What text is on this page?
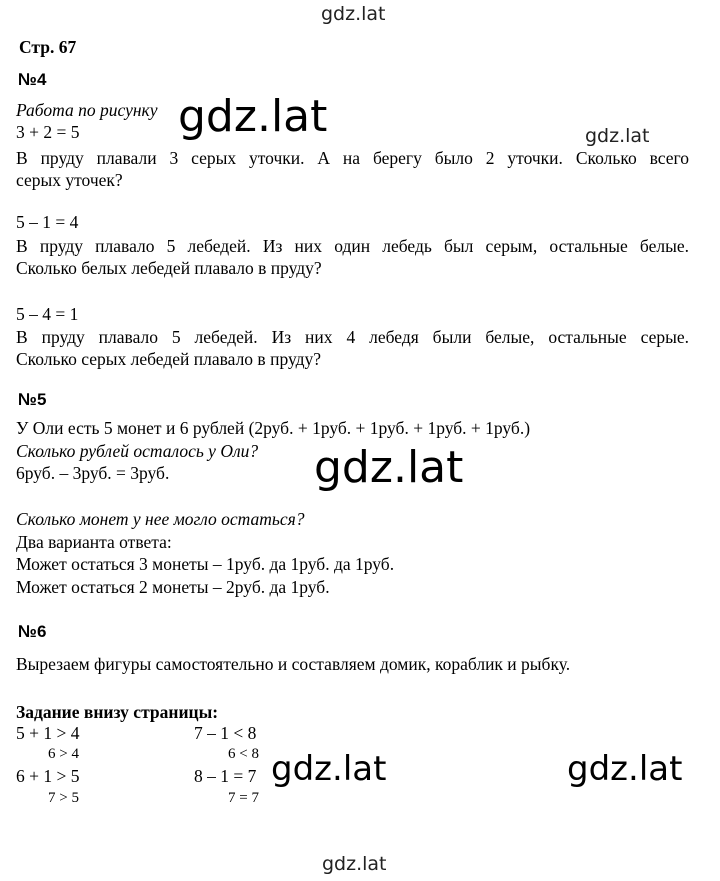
gdz.lat
gdz.lat	gdz.lat
gdz.lat
gdz.lat	gdz.lat
gdz.lat
Стр. 67
№4
Работа по рисунку
3 + 2 = 5
В пруду плавали 3 серых уточки. А на берегу было 2 уточки. Сколько всего
серых уточек?
5 – 1 = 4
В пруду плавало 5 лебедей. Из них один лебедь был серым, остальные белые.
Сколько белых лебедей плавало в пруду?
5 – 4 = 1
В пруду плавало 5 лебедей. Из них 4 лебедя были белые, остальные серые.
Сколько серых лебедей плавало в пруду?
№5
У Оли есть 5 монет и 6 рублей (2руб. + 1руб. + 1руб. + 1руб. + 1руб.)
Сколько рублей осталось у Оли?
6руб. – 3руб. = 3руб.
Сколько монет у нее могло остаться?
Два варианта ответа:
Может остаться 3 монеты – 1руб. да 1руб. да 1руб.
Может остаться 2 монеты – 2руб. да 1руб.
№6
Вырезаем фигуры самостоятельно и составляем домик, кораблик и рыбку.
Задание внизу страницы:
5 + 1 > 4
6 > 4
6 + 1 > 5
7 > 5
7 – 1 < 8
6 < 8
8 – 1 = 7
7 = 7
